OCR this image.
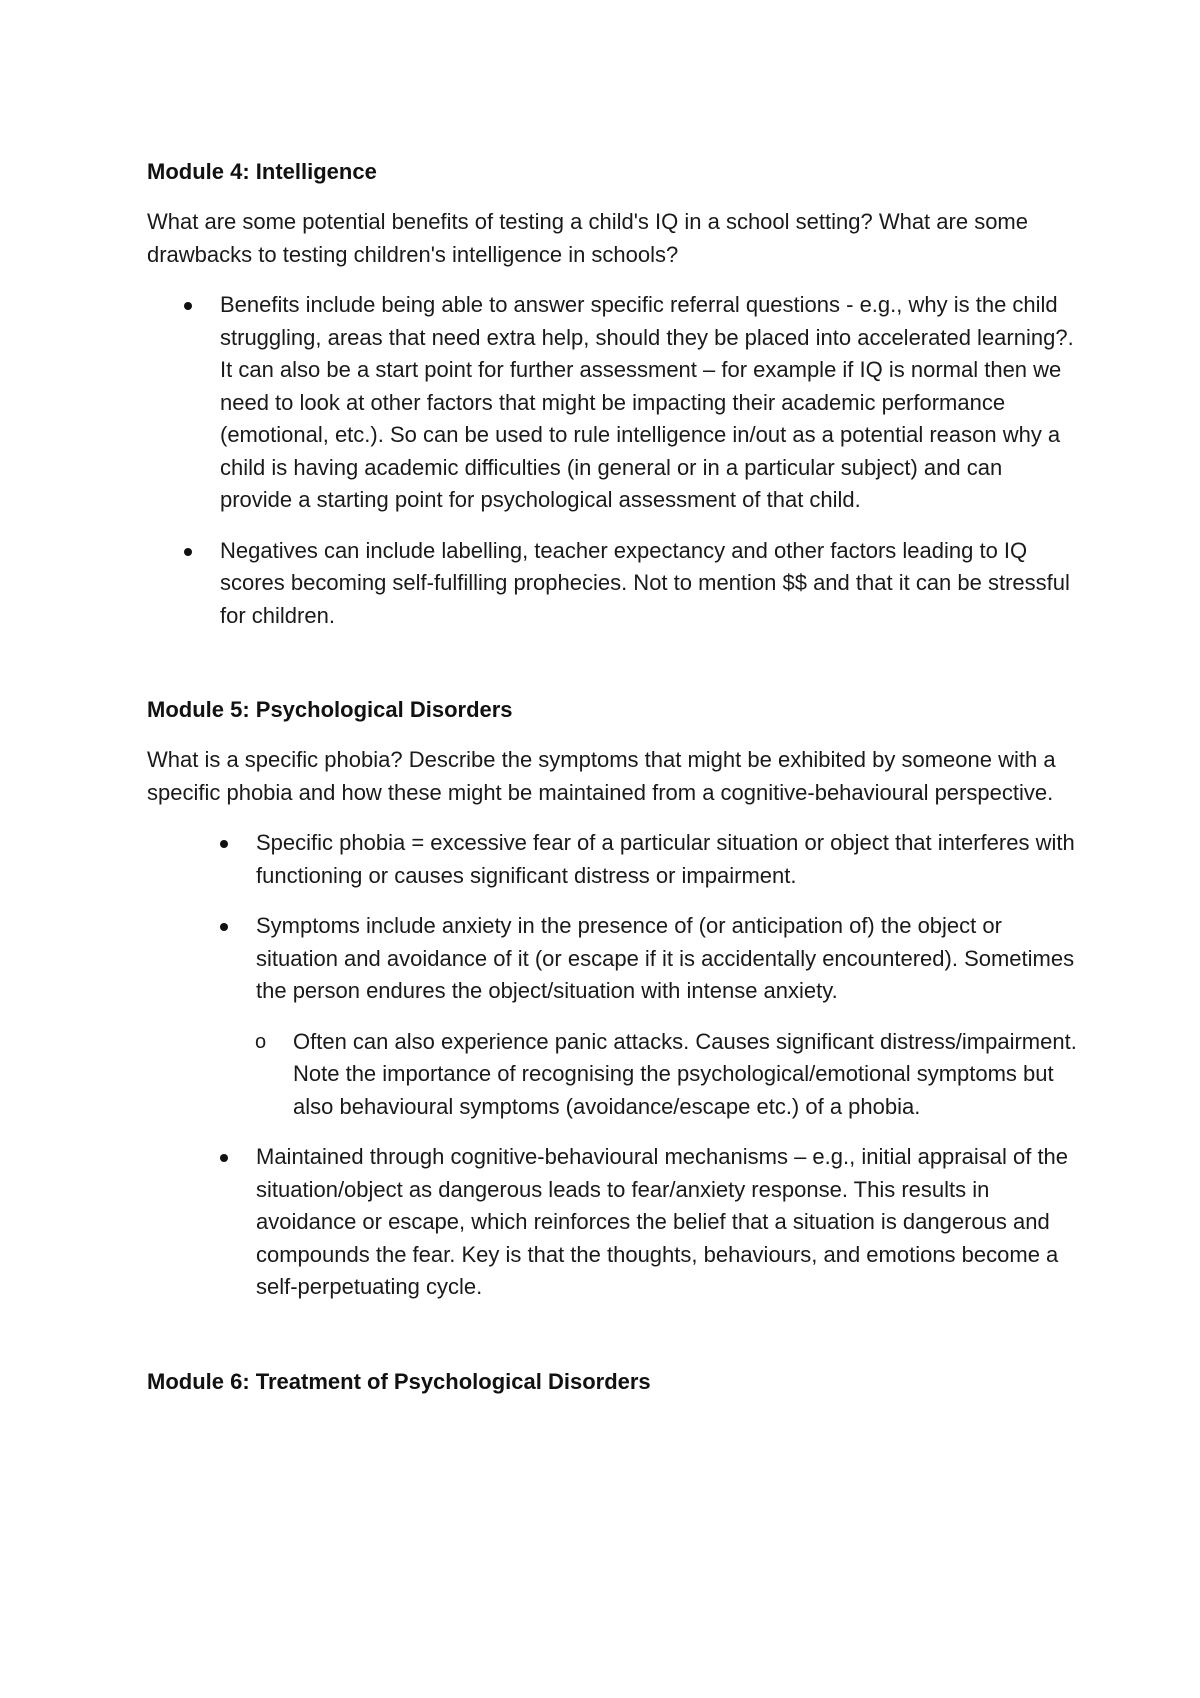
Module 4: Intelligence

What are some potential benefits of testing a child's IQ in a school setting? What are some drawbacks to testing children's intelligence in schools?

Benefits include being able to answer specific referral questions - e.g., why is the child struggling, areas that need extra help, should they be placed into accelerated learning?. It can also be a start point for further assessment – for example if IQ is normal then we need to look at other factors that might be impacting their academic performance (emotional, etc.). So can be used to rule intelligence in/out as a potential reason why a child is having academic difficulties (in general or in a particular subject) and can provide a starting point for psychological assessment of that child.
Negatives can include labelling, teacher expectancy and other factors leading to IQ scores becoming self-fulfilling prophecies. Not to mention $$ and that it can be stressful for children.
Module 5: Psychological Disorders

What is a specific phobia? Describe the symptoms that might be exhibited by someone with a specific phobia and how these might be maintained from a cognitive-behavioural perspective.

Specific phobia = excessive fear of a particular situation or object that interferes with functioning or causes significant distress or impairment.
Symptoms include anxiety in the presence of (or anticipation of) the object or situation and avoidance of it (or escape if it is accidentally encountered). Sometimes the person endures the object/situation with intense anxiety.
o Often can also experience panic attacks. Causes significant distress/impairment. Note the importance of recognising the psychological/emotional symptoms but also behavioural symptoms (avoidance/escape etc.) of a phobia.
Maintained through cognitive-behavioural mechanisms – e.g., initial appraisal of the situation/object as dangerous leads to fear/anxiety response. This results in avoidance or escape, which reinforces the belief that a situation is dangerous and compounds the fear. Key is that the thoughts, behaviours, and emotions become a self-perpetuating cycle.
Module 6: Treatment of Psychological Disorders
